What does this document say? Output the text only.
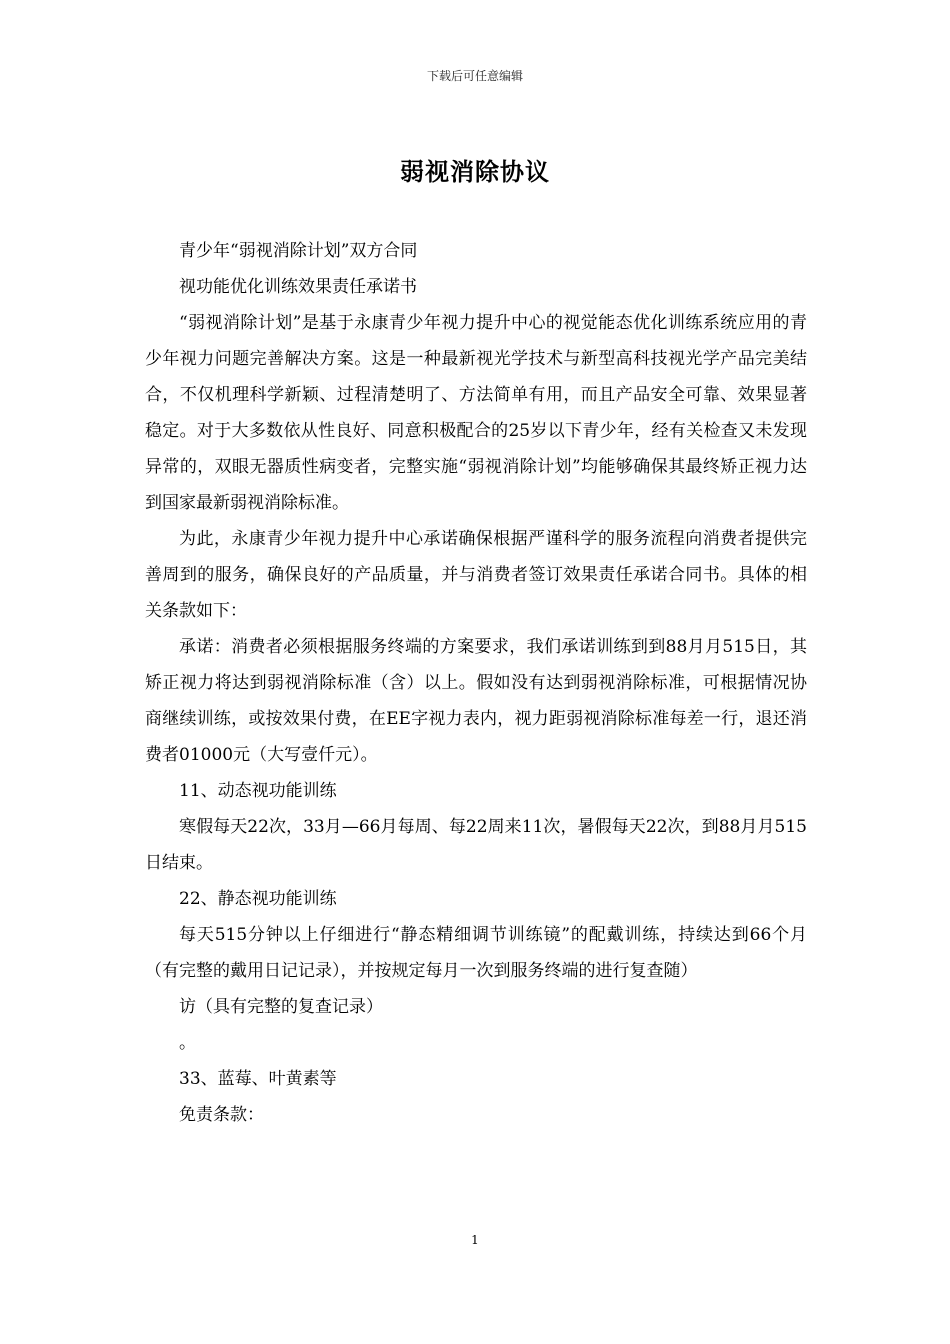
下载后可任意编辑
弱视消除协议

青少年“弱视消除计划”双方合同

视功能优化训练效果责任承诺书

“弱视消除计划”是基于永康青少年视力提升中心的视觉能态优化训练系统应用的青少年视力问题完善解决方案。这是一种最新视光学技术与新型高科技视光学产品完美结合，不仅机理科学新颖、过程清楚明了、方法简单有用，而且产品安全可靠、效果显著稳定。对于大多数依从性良好、同意积极配合的25岁以下青少年，经有关检查又未发现异常的，双眼无器质性病变者，完整实施“弱视消除计划”均能够确保其最终矫正视力达到国家最新弱视消除标准。

为此，永康青少年视力提升中心承诺确保根据严谨科学的服务流程向消费者提供完善周到的服务，确保良好的产品质量，并与消费者签订效果责任承诺合同书。具体的相关条款如下：

承诺：消费者必须根据服务终端的方案要求，我们承诺训练到到88月月515日，其矫正视力将达到弱视消除标准（含）以上。假如没有达到弱视消除标准，可根据情况协商继续训练，或按效果付费，在EE字视力表内，视力距弱视消除标准每差一行，退还消费者01000元（大写壹仟元）。

11、动态视功能训练

寒假每天22次，33月—66月每周、每22周来11次，暑假每天22次，到88月月515日结束。

22、静态视功能训练

每天515分钟以上仔细进行“静态精细调节训练镜”的配戴训练，持续达到66个月（有完整的戴用日记记录），并按规定每月一次到服务终端的进行复查随）

访（具有完整的复查记录）

。

33、蓝莓、叶黄素等

免责条款：

1
